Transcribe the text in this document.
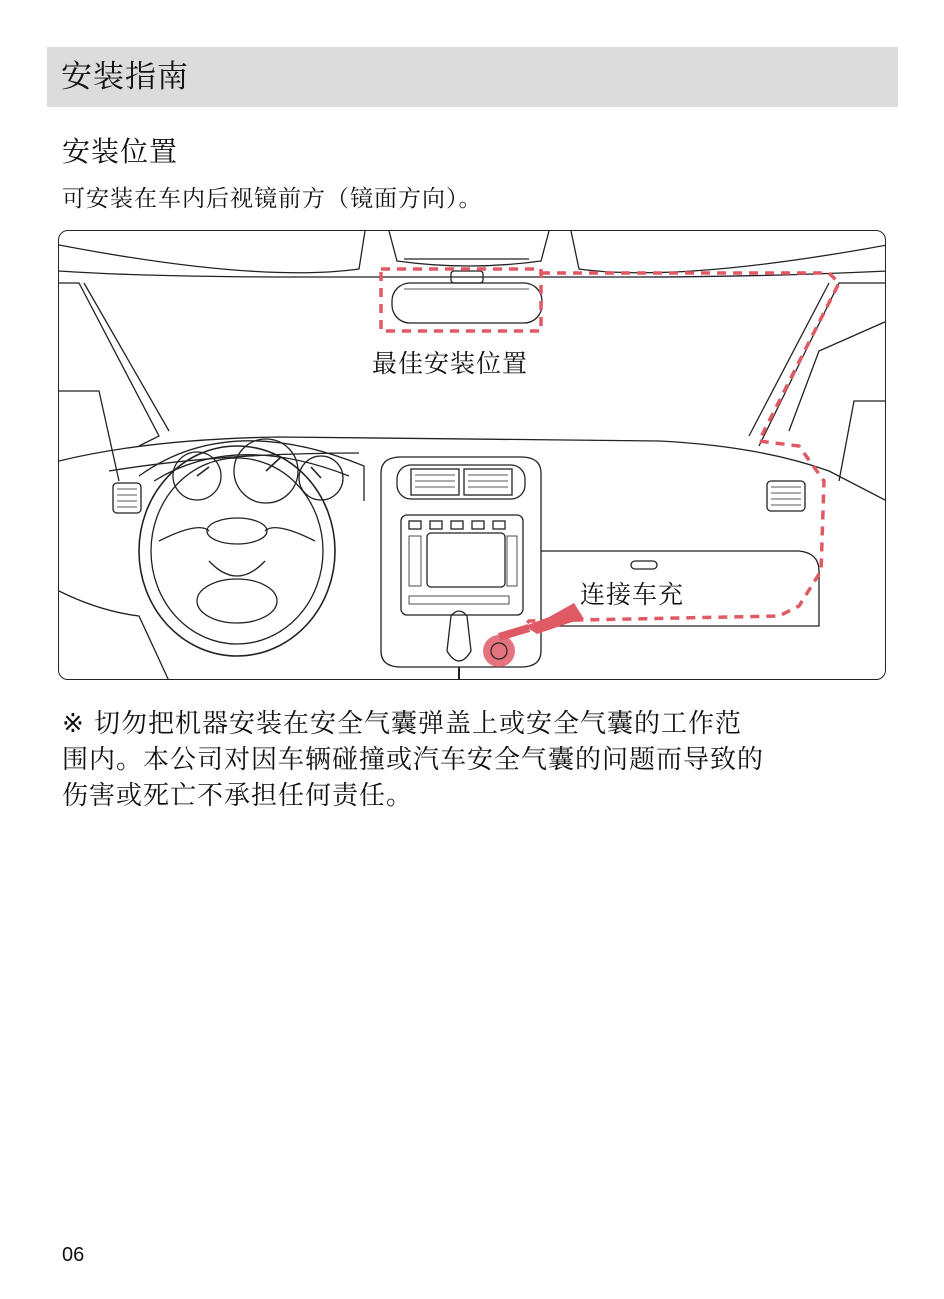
安装指南
安装位置
可安装在车内后视镜前方（镜面方向）。
最佳安装位置
连接车充

※ 切勿把机器安装在安全气囊弹盖上或安全气囊的工作范
围内。本公司对因车辆碰撞或汽车安全气囊的问题而导致的
伤害或死亡不承担任何责任。

06
